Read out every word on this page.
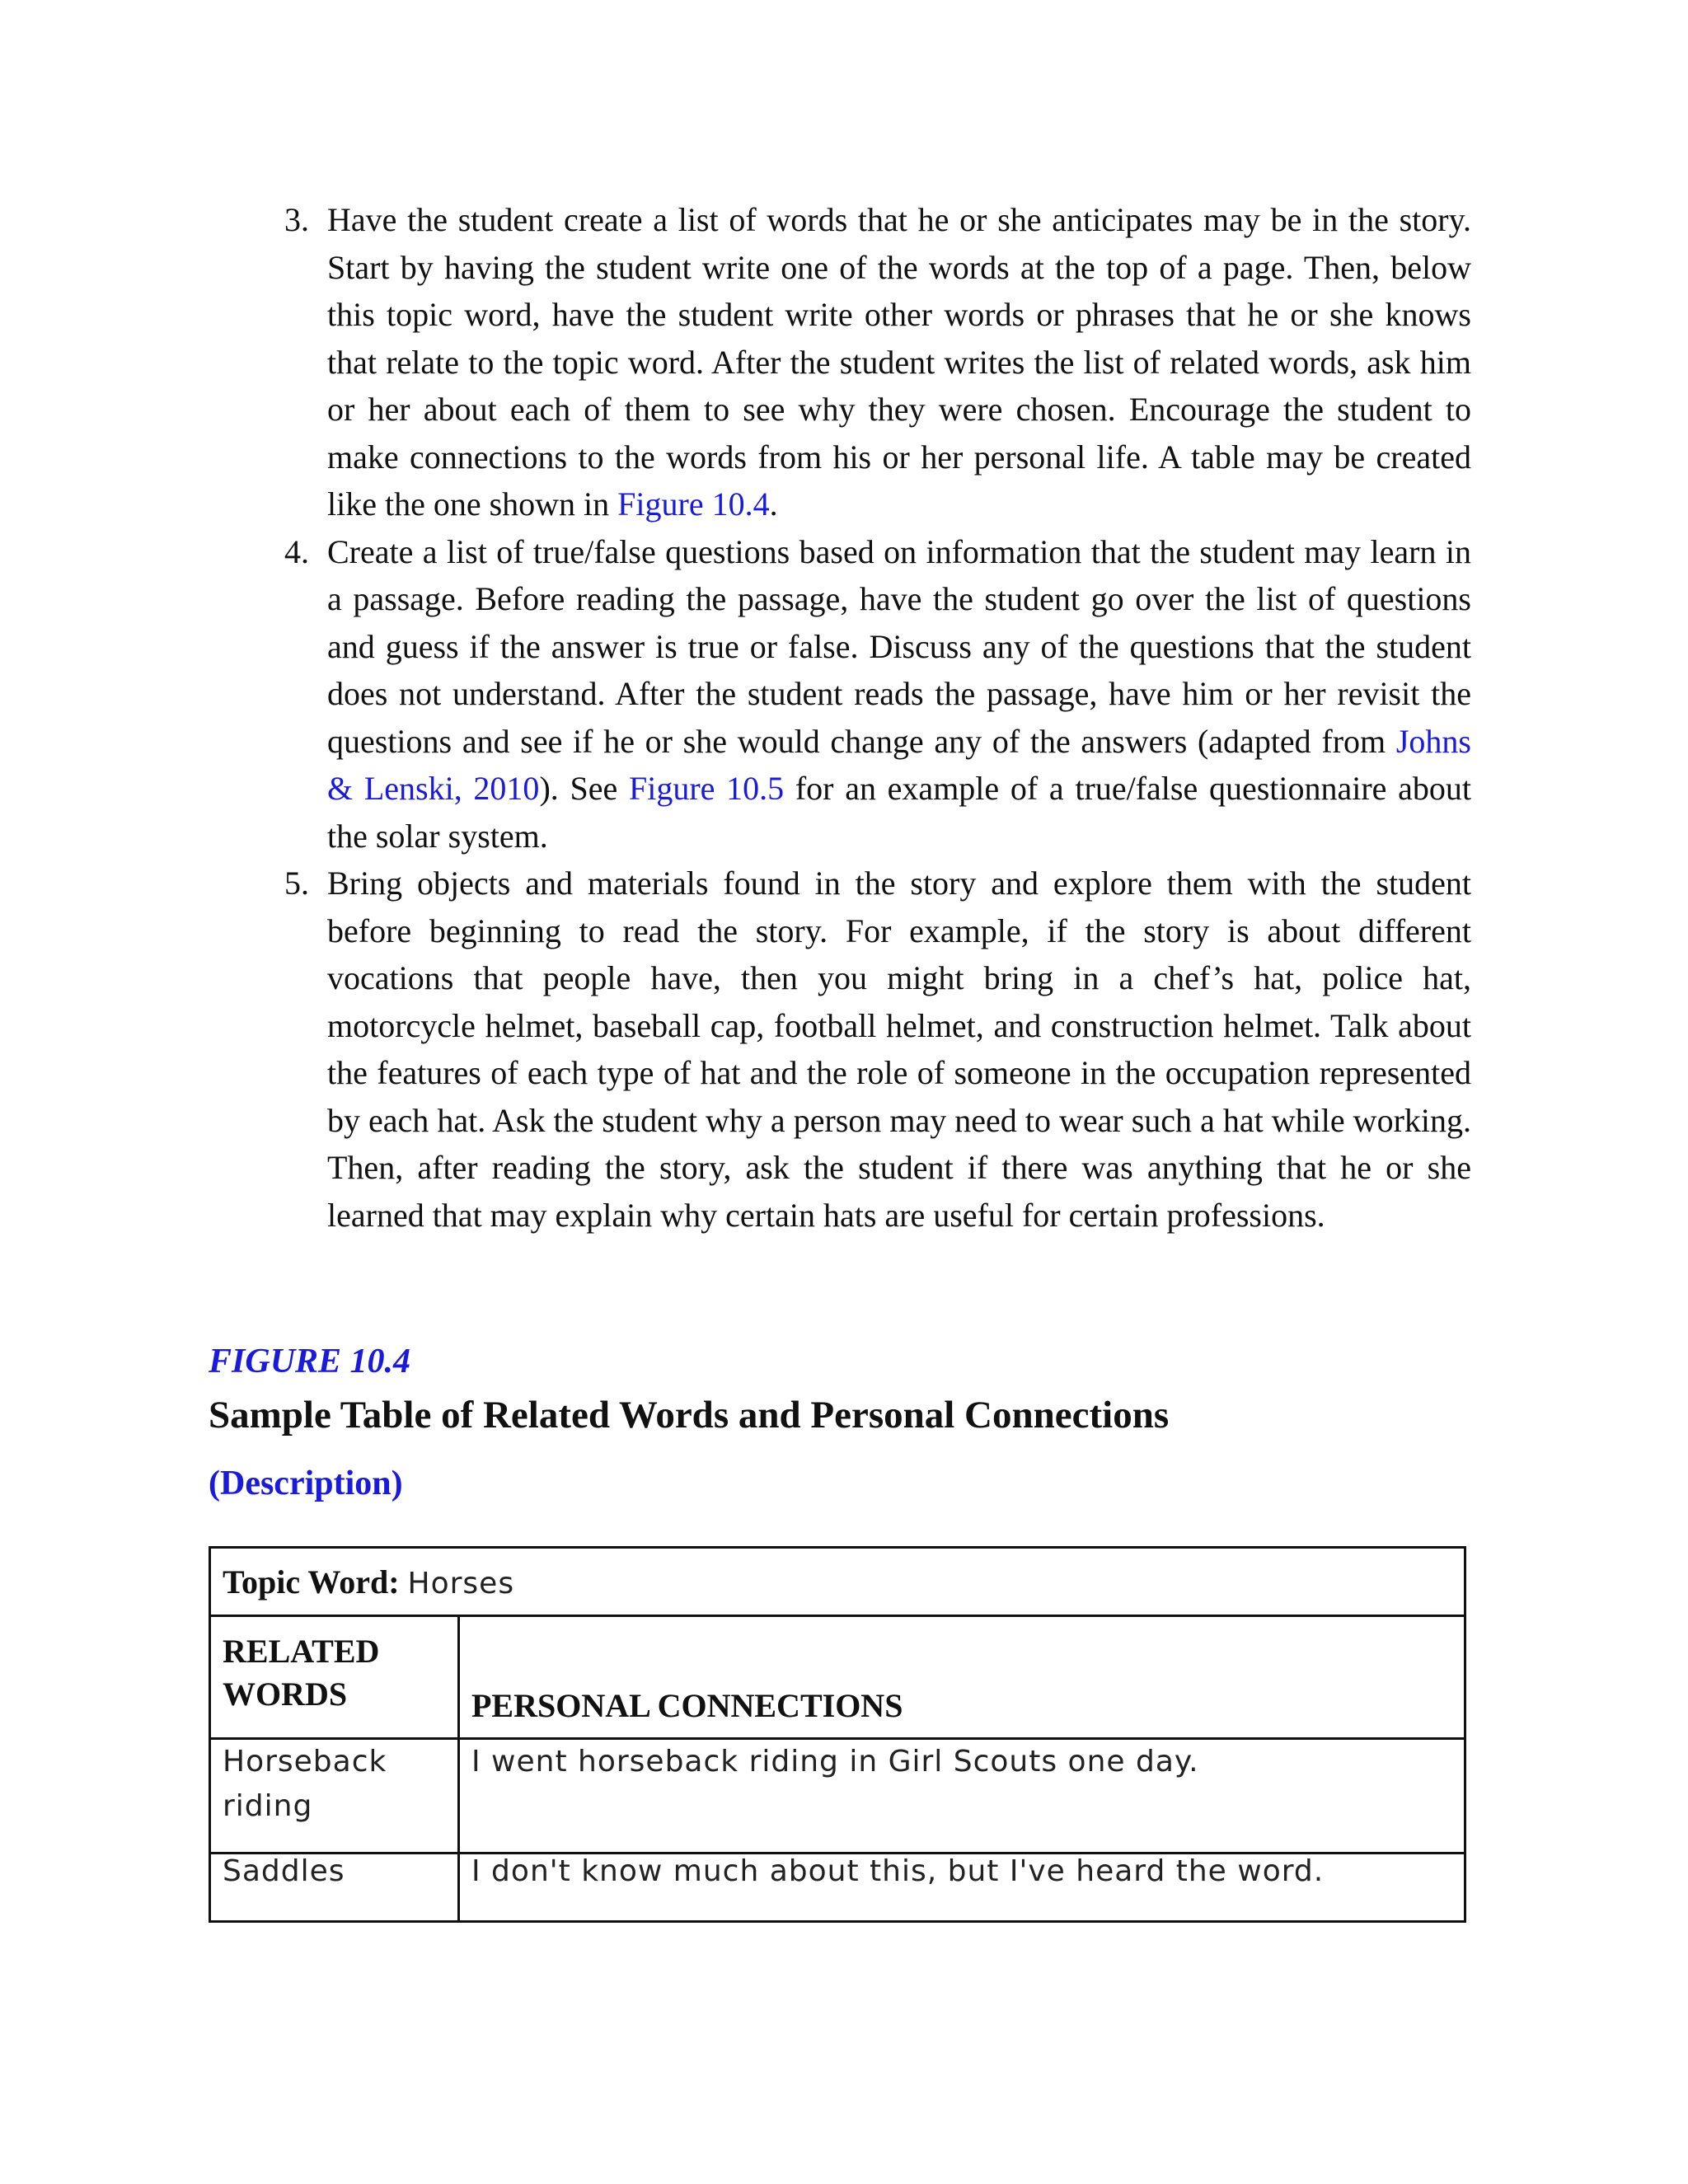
3. Have the student create a list of words that he or she anticipates may be in the story. Start by having the student write one of the words at the top of a page. Then, below this topic word, have the student write other words or phrases that he or she knows that relate to the topic word. After the student writes the list of related words, ask him or her about each of them to see why they were chosen. Encourage the student to make connections to the words from his or her personal life. A table may be created like the one shown in Figure 10.4.
4. Create a list of true/false questions based on information that the student may learn in a passage. Before reading the passage, have the student go over the list of questions and guess if the answer is true or false. Discuss any of the questions that the student does not understand. After the student reads the passage, have him or her revisit the questions and see if he or she would change any of the answers (adapted from Johns & Lenski, 2010). See Figure 10.5 for an example of a true/false questionnaire about the solar system.
5. Bring objects and materials found in the story and explore them with the student before beginning to read the story. For example, if the story is about different vocations that people have, then you might bring in a chef’s hat, police hat, motorcycle helmet, baseball cap, football helmet, and construction helmet. Talk about the features of each type of hat and the role of someone in the occupation represented by each hat. Ask the student why a person may need to wear such a hat while working. Then, after reading the story, ask the student if there was anything that he or she learned that may explain why certain hats are useful for certain professions.
FIGURE 10.4
Sample Table of Related Words and Personal Connections
(Description)
Topic Word: Horses	
RELATED WORDS	PERSONAL CONNECTIONS
Horseback riding	I went horseback riding in Girl Scouts one day.
Saddles	I don't know much about this, but I've heard the word.
